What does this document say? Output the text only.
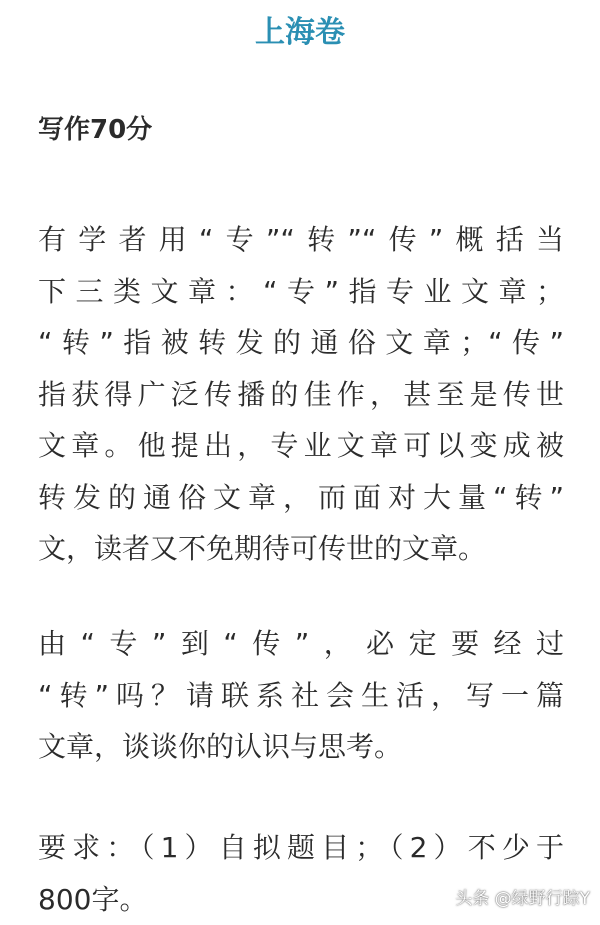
上海卷
写作70分
有学者用“专”“转”“传”概括当
下三类文章：“专”指专业文章；
“转”指被转发的通俗文章；“传”
指获得广泛传播的佳作，甚至是传世
文章。他提出，专业文章可以变成被
转发的通俗文章，而面对大量“转”
文，读者又不免期待可传世的文章。
由“专”到“传”，必定要经过
“转”吗？请联系社会生活，写一篇
文章，谈谈你的认识与思考。
要求：（1）自拟题目；（2）不少于
800字。	头条 @绿野行踪Y
